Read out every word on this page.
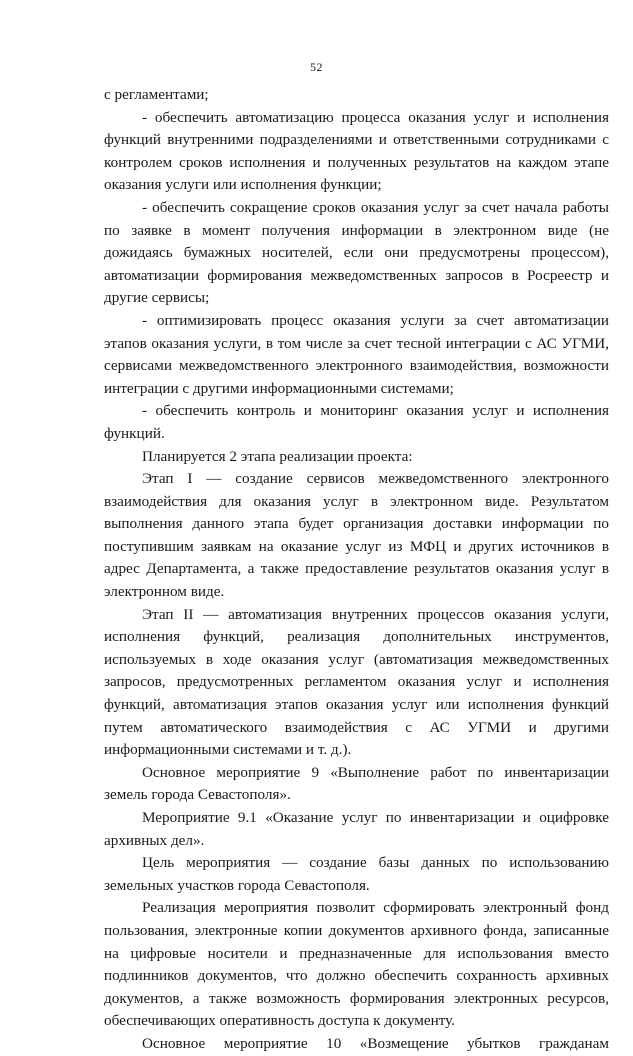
52

с регламентами;

- обеспечить автоматизацию процесса оказания услуг и исполнения функций внутренними подразделениями и ответственными сотрудниками с контролем сроков исполнения и полученных результатов на каждом этапе оказания услуги или исполнения функции;

- обеспечить сокращение сроков оказания услуг за счет начала работы по заявке в момент получения информации в электронном виде (не дожидаясь бумажных носителей, если они предусмотрены процессом), автоматизации формирования межведомственных запросов в Росреестр и другие сервисы;

- оптимизировать процесс оказания услуги за счет автоматизации этапов оказания услуги, в том числе за счет тесной интеграции с АС УГМИ, сервисами межведомственного электронного взаимодействия, возможности интеграции с другими информационными системами;

- обеспечить контроль и мониторинг оказания услуг и исполнения функций.

Планируется 2 этапа реализации проекта:

Этап I — создание сервисов межведомственного электронного взаимодействия для оказания услуг в электронном виде. Результатом выполнения данного этапа будет организация доставки информации по поступившим заявкам на оказание услуг из МФЦ и других источников в адрес Департамента, а также предоставление результатов оказания услуг в электронном виде.

Этап II — автоматизация внутренних процессов оказания услуги, исполнения функций, реализация дополнительных инструментов, используемых в ходе оказания услуг (автоматизация межведомственных запросов, предусмотренных регламентом оказания услуг и исполнения функций, автоматизация этапов оказания услуг или исполнения функций путем автоматического взаимодействия с АС УГМИ и другими информационными системами и т. д.).

Основное мероприятие 9 «Выполнение работ по инвентаризации земель города Севастополя».

Мероприятие 9.1 «Оказание услуг по инвентаризации и оцифровке архивных дел».

Цель мероприятия — создание базы данных по использованию земельных участков города Севастополя.

Реализация мероприятия позволит сформировать электронный фонд пользования, электронные копии документов архивного фонда, записанные на цифровые носители и предназначенные для использования вместо подлинников документов, что должно обеспечить сохранность архивных документов, а также возможность формирования электронных ресурсов, обеспечивающих оперативность доступа к документу.

Основное мероприятие 10 «Возмещение убытков гражданам
